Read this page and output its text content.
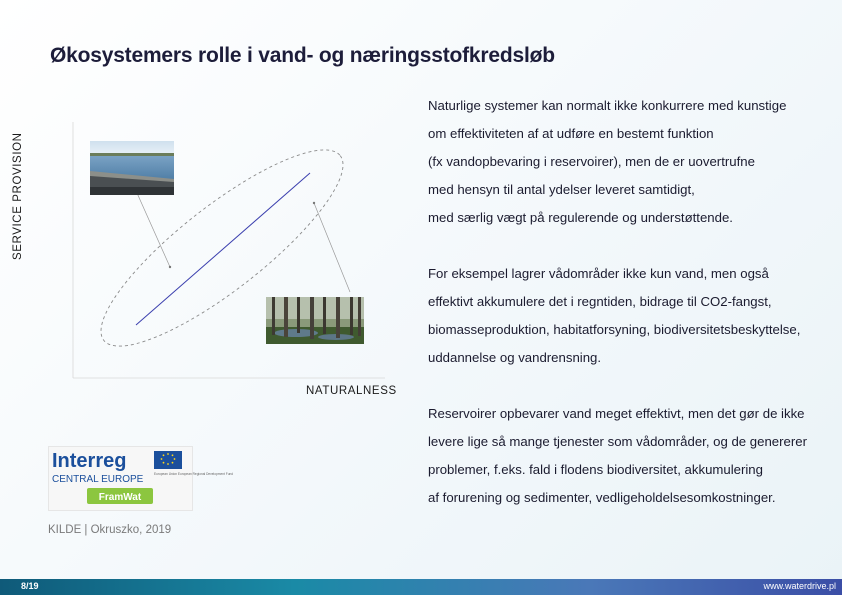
Økosystemers rolle i vand- og næringsstofkredsløb

Naturlige systemer kan normalt ikke konkurrere med kunstige
om effektiviteten af at udføre en bestemt funktion
(fx vandopbevaring i reservoirer), men de er uovertrufne
med hensyn til antal ydelser leveret samtidigt,
med særlig vægt på regulerende og understøttende.

For eksempel lagrer vådområder ikke kun vand, men også
effektivt akkumulere det i regntiden, bidrage til CO2-fangst,
biomasseproduktion, habitatforsyning, biodiversitetsbeskyttelse,
uddannelse og vandrensning.

Reservoirer opbevarer vand meget effektivt, men det gør de ikke
levere lige så mange tjenester som vådområder, og de genererer
problemer, f.eks. fald i flodens biodiversitet, akkumulering
af forurening og sedimenter, vedligeholdelsesomkostninger.

SERVICE PROVISION
NATURALNESS
Interreg
European Union European Regional Development Fund
CENTRAL EUROPE
FramWat
KILDE | Okruszko, 2019
8/19	www.waterdrive.pl
